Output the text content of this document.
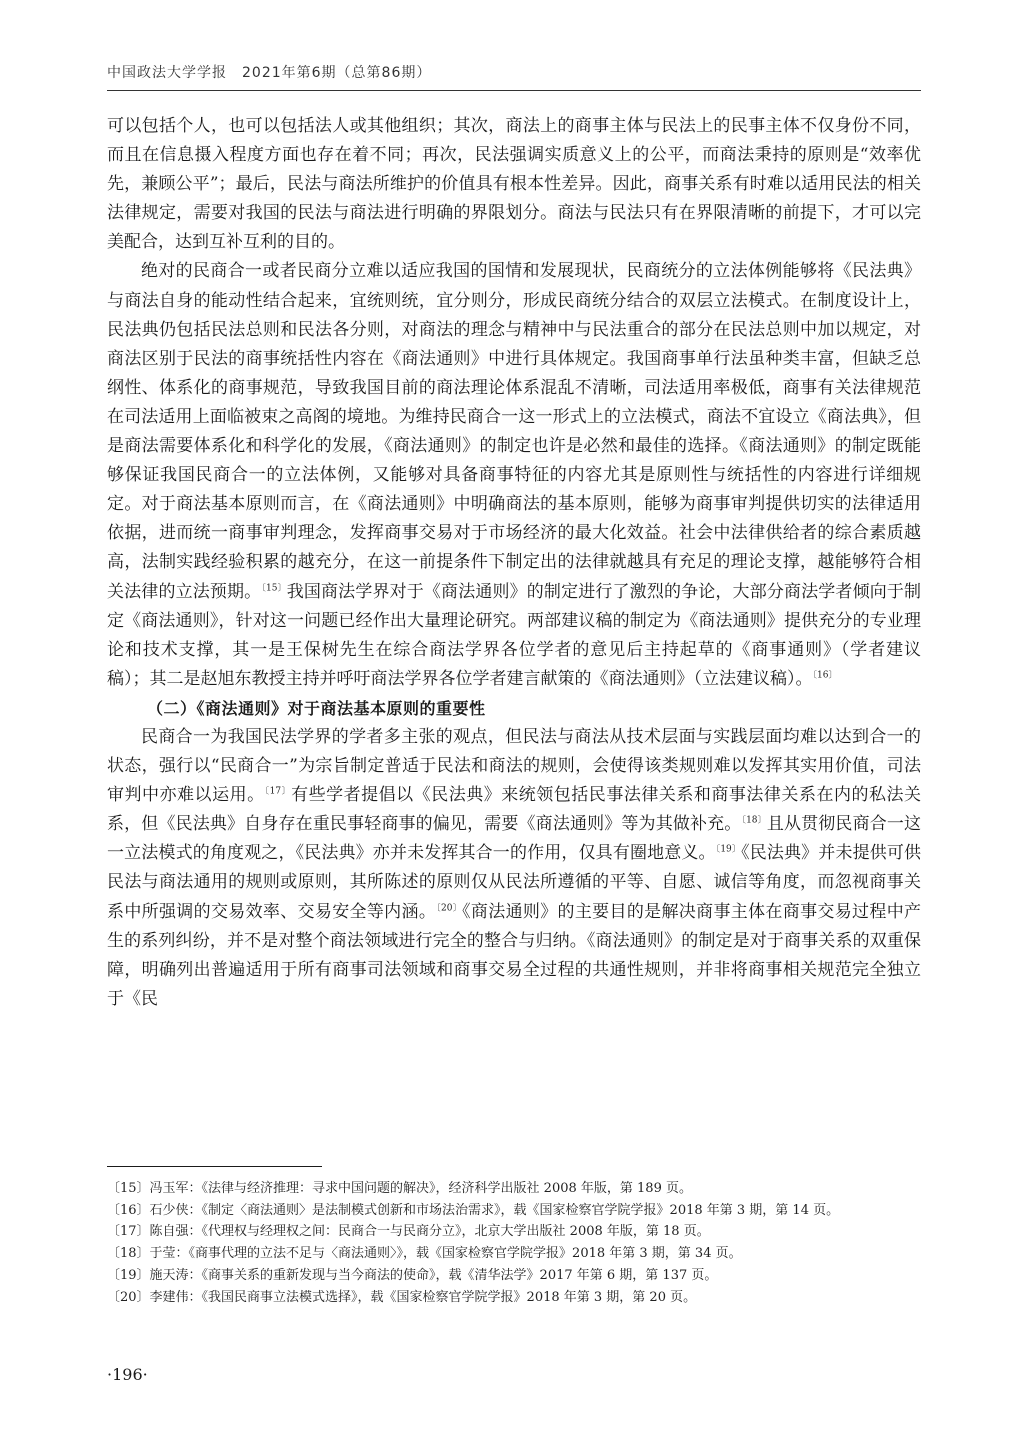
中国政法大学学报　2021年第6期（总第86期）

可以包括个人，也可以包括法人或其他组织；其次，商法上的商事主体与民法上的民事主体不仅身份不同，而且在信息摄入程度方面也存在着不同；再次，民法强调实质意义上的公平，而商法秉持的原则是“效率优先，兼顾公平”；最后，民法与商法所维护的价值具有根本性差异。因此，商事关系有时难以适用民法的相关法律规定，需要对我国的民法与商法进行明确的界限划分。商法与民法只有在界限清晰的前提下，才可以完美配合，达到互补互利的目的。

绝对的民商合一或者民商分立难以适应我国的国情和发展现状，民商统分的立法体例能够将《民法典》与商法自身的能动性结合起来，宜统则统，宜分则分，形成民商统分结合的双层立法模式。在制度设计上，民法典仍包括民法总则和民法各分则，对商法的理念与精神中与民法重合的部分在民法总则中加以规定，对商法区别于民法的商事统括性内容在《商法通则》中进行具体规定。我国商事单行法虽种类丰富，但缺乏总纲性、体系化的商事规范，导致我国目前的商法理论体系混乱不清晰，司法适用率极低，商事有关法律规范在司法适用上面临被束之高阁的境地。为维持民商合一这一形式上的立法模式，商法不宜设立《商法典》，但是商法需要体系化和科学化的发展，《商法通则》的制定也许是必然和最佳的选择。《商法通则》的制定既能够保证我国民商合一的立法体例，又能够对具备商事特征的内容尤其是原则性与统括性的内容进行详细规定。对于商法基本原则而言，在《商法通则》中明确商法的基本原则，能够为商事审判提供切实的法律适用依据，进而统一商事审判理念，发挥商事交易对于市场经济的最大化效益。社会中法律供给者的综合素质越高，法制实践经验积累的越充分，在这一前提条件下制定出的法律就越具有充足的理论支撑，越能够符合相关法律的立法预期。$^{〔15〕}$我国商法学界对于《商法通则》的制定进行了激烈的争论，大部分商法学者倾向于制定《商法通则》，针对这一问题已经作出大量理论研究。两部建议稿的制定为《商法通则》提供充分的专业理论和技术支撑，其一是王保树先生在综合商法学界各位学者的意见后主持起草的《商事通则》（学者建议稿）；其二是赵旭东教授主持并呼吁商法学界各位学者建言献策的《商法通则》（立法建议稿）。$^{〔16〕}$

（二）《商法通则》对于商法基本原则的重要性

民商合一为我国民法学界的学者多主张的观点，但民法与商法从技术层面与实践层面均难以达到合一的状态，强行以“民商合一”为宗旨制定普适于民法和商法的规则，会使得该类规则难以发挥其实用价值，司法审判中亦难以运用。$^{〔17〕}$有些学者提倡以《民法典》来统领包括民事法律关系和商事法律关系在内的私法关系，但《民法典》自身存在重民事轻商事的偏见，需要《商法通则》等为其做补充。$^{〔18〕}$且从贯彻民商合一这一立法模式的角度观之，《民法典》亦并未发挥其合一的作用，仅具有圈地意义。$^{〔19〕}$《民法典》并未提供可供民法与商法通用的规则或原则，其所陈述的原则仅从民法所遵循的平等、自愿、诚信等角度，而忽视商事关系中所强调的交易效率、交易安全等内涵。$^{〔20〕}$《商法通则》的主要目的是解决商事主体在商事交易过程中产生的系列纠纷，并不是对整个商法领域进行完全的整合与归纳。《商法通则》的制定是对于商事关系的双重保障，明确列出普遍适用于所有商事司法领域和商事交易全过程的共通性规则，并非将商事相关规范完全独立于《民

〔15〕冯玉军：《法律与经济推理：寻求中国问题的解决》，经济科学出版社 2008 年版，第 189 页。
〔16〕石少侠：《制定〈商法通则〉是法制模式创新和市场法治需求》，载《国家检察官学院学报》2018 年第 3 期，第 14 页。
〔17〕陈自强：《代理权与经理权之间：民商合一与民商分立》，北京大学出版社 2008 年版，第 18 页。
〔18〕于莹：《商事代理的立法不足与〈商法通则〉》，载《国家检察官学院学报》2018 年第 3 期，第 34 页。
〔19〕施天涛：《商事关系的重新发现与当今商法的使命》，载《清华法学》2017 年第 6 期，第 137 页。
〔20〕李建伟：《我国民商事立法模式选择》，载《国家检察官学院学报》2018 年第 3 期，第 20 页。
·196·
